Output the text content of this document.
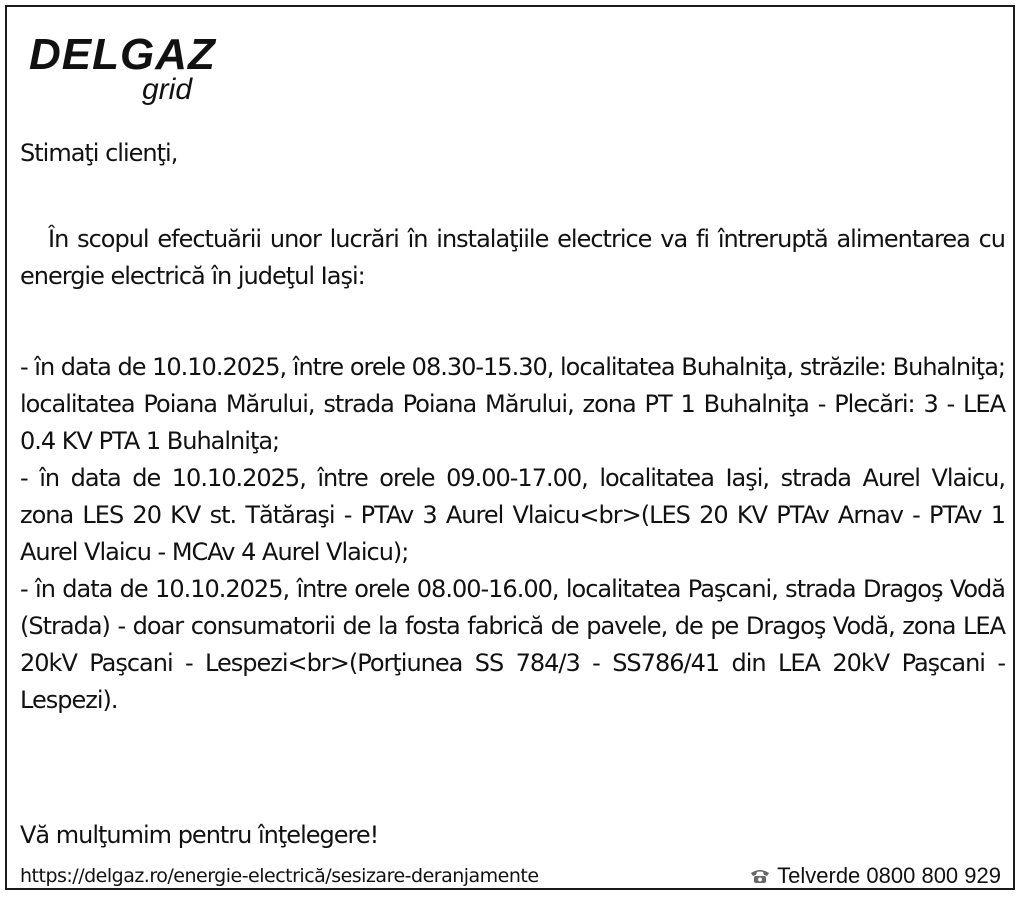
DELGAZ
grid
Stimaţi clienţi,
În scopul efectuării unor lucrări în instalaţiile electrice va fi întreruptă alimentarea cu energie electrică în judeţul Iaşi:

- în data de 10.10.2025, între orele 08.30-15.30, localitatea Buhalniţa, străzile: Buhalniţa; localitatea Poiana Mărului, strada Poiana Mărului, zona PT 1 Buhalniţa - Plecări: 3 - LEA 0.4 KV PTA 1 Buhalniţa;

- în data de 10.10.2025, între orele 09.00-17.00, localitatea Iaşi, strada Aurel Vlaicu, zona LES 20 KV st. Tătăraşi - PTAv 3 Aurel Vlaicu<br>(LES 20 KV PTAv Arnav - PTAv 1 Aurel Vlaicu - MCAv 4 Aurel Vlaicu);

- în data de 10.10.2025, între orele 08.00-16.00, localitatea Paşcani, strada Dragoş Vodă (Strada) - doar consumatorii de la fosta fabrică de pavele, de pe Dragoş Vodă, zona LEA 20kV Paşcani - Lespezi<br>(Porţiunea SS 784/3 - SS786/41 din LEA 20kV Paşcani - Lespezi).

Vă mulţumim pentru înţelegere!
https://delgaz.ro/energie-electrică/sesizare-deranjamente	Telverde 0800 800 929
